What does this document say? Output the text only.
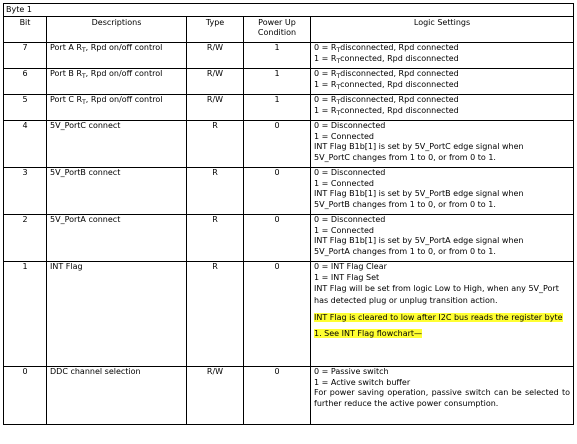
Byte 1				
Bit	Descriptions	Type	Power Up Condition	Logic Settings
7	Port A $R_T$, Rpd on/off control	R/W	1	$0 = R_Tdisconnected$, Rpd connected
$1 = R_Tconnected$, Rpd disconnected

6	Port B $R_T$, Rpd on/off control	R/W	1	$0 = R_Tdisconnected$, Rpd connected
$1 = R_Tconnected$, Rpd disconnected

5	Port C $R_T$, Rpd on/off control	R/W	1	$0 = R_Tdisconnected$, Rpd connected
$1 = R_Tconnected$, Rpd disconnected

4	5V_PortC connect	R	0	0 = Disconnected
1 = Connected
INT Flag B1b[1] is set by 5V_PortC edge signal when
5V_PortC changes from 1 to 0, or from 0 to 1.

3	5V_PortB connect	R	0	0 = Disconnected
1 = Connected
INT Flag B1b[1] is set by 5V_PortB edge signal when
5V_PortB changes from 1 to 0, or from 0 to 1.

2	5V_PortA connect	R	0	0 = Disconnected
1 = Connected
INT Flag B1b[1] is set by 5V_PortA edge signal when
5V_PortA changes from 1 to 0, or from 0 to 1.

1	INT Flag	R	0	0 = INT Flag Clear
1 = INT Flag Set
INT Flag will be set from logic Low to High, when any 5V_Port has detected plug or unplug transition action.
INT Flag is cleared to low after I2C bus reads the register byte 1. See INT Flag flowchart—

0	DDC channel selection	R/W	0	0 = Passive switch
1 = Active switch buffer
For power saving operation, passive switch can be selected to further reduce the active power consumption.
